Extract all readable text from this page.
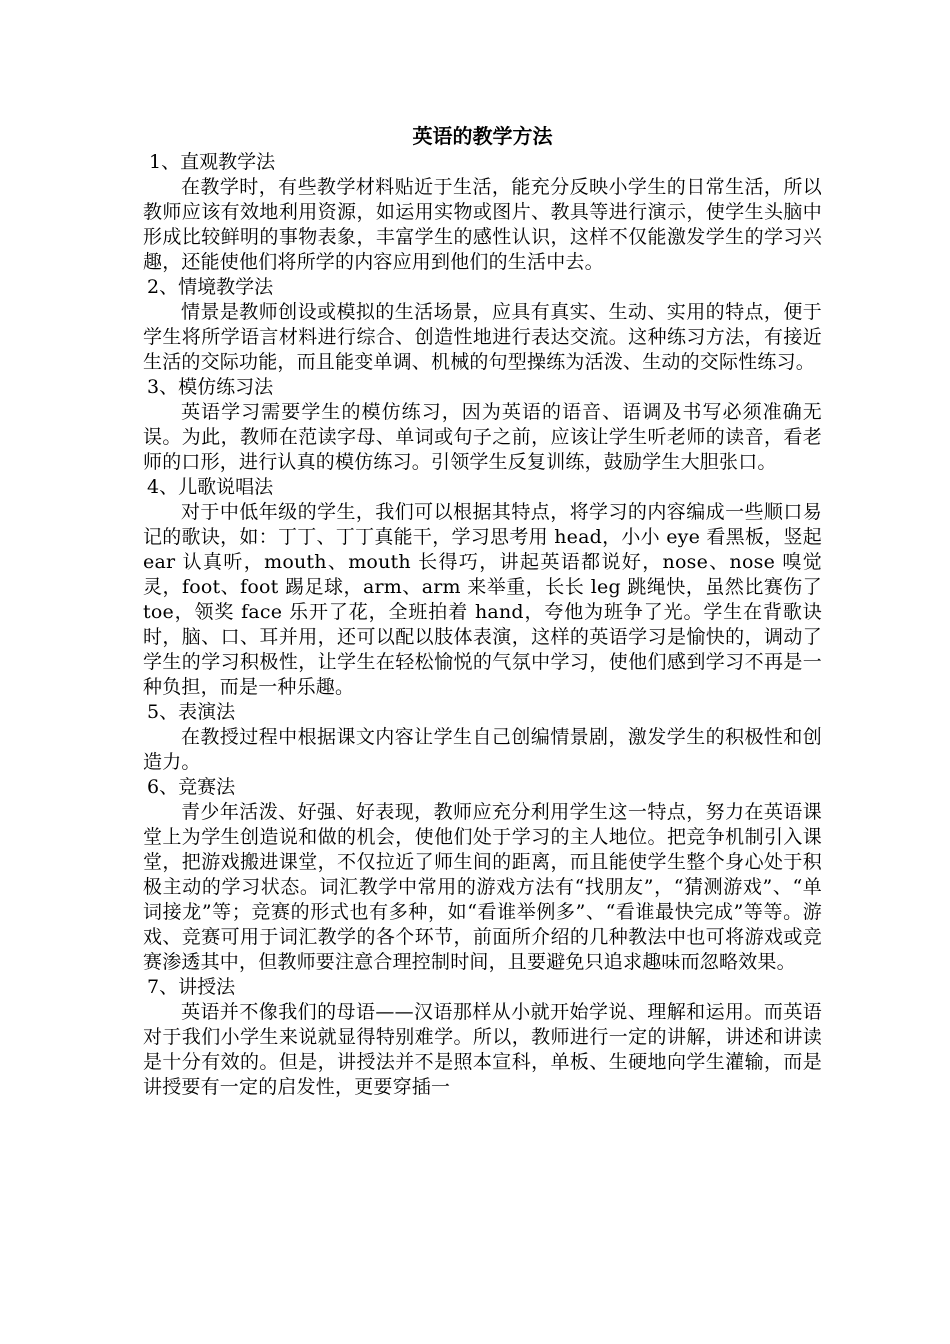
英语的教学方法

1、直观教学法

在教学时，有些教学材料贴近于生活，能充分反映小学生的日常生活，所以教师应该有效地利用资源，如运用实物或图片、教具等进行演示，使学生头脑中形成比较鲜明的事物表象，丰富学生的感性认识，这样不仅能激发学生的学习兴趣，还能使他们将所学的内容应用到他们的生活中去。

2、情境教学法

情景是教师创设或模拟的生活场景，应具有真实、生动、实用的特点，便于学生将所学语言材料进行综合、创造性地进行表达交流。这种练习方法，有接近生活的交际功能，而且能变单调、机械的句型操练为活泼、生动的交际性练习。

3、模仿练习法

英语学习需要学生的模仿练习，因为英语的语音、语调及书写必须准确无误。为此，教师在范读字母、单词或句子之前，应该让学生听老师的读音，看老师的口形，进行认真的模仿练习。引领学生反复训练，鼓励学生大胆张口。

4、儿歌说唱法

对于中低年级的学生，我们可以根据其特点，将学习的内容编成一些顺口易记的歌诀，如：丁丁、丁丁真能干，学习思考用 head，小小 eye 看黑板，竖起 ear 认真听，mouth、mouth 长得巧，讲起英语都说好，nose、nose 嗅觉灵，foot、foot 踢足球，arm、arm 来举重，长长 leg 跳绳快，虽然比赛伤了 toe，领奖 face 乐开了花，全班拍着 hand，夸他为班争了光。学生在背歌诀时，脑、口、耳并用，还可以配以肢体表演，这样的英语学习是愉快的，调动了学生的学习积极性，让学生在轻松愉悦的气氛中学习，使他们感到学习不再是一种负担，而是一种乐趣。

5、表演法

在教授过程中根据课文内容让学生自己创编情景剧，激发学生的积极性和创造力。

6、竞赛法

青少年活泼、好强、好表现，教师应充分利用学生这一特点，努力在英语课堂上为学生创造说和做的机会，使他们处于学习的主人地位。把竞争机制引入课堂，把游戏搬进课堂，不仅拉近了师生间的距离，而且能使学生整个身心处于积极主动的学习状态。词汇教学中常用的游戏方法有“找朋友”，“猜测游戏”、“单词接龙”等；竞赛的形式也有多种，如“看谁举例多”、“看谁最快完成”等等。游戏、竞赛可用于词汇教学的各个环节，前面所介绍的几种教法中也可将游戏或竞赛渗透其中，但教师要注意合理控制时间，且要避免只追求趣味而忽略效果。

7、讲授法

英语并不像我们的母语——汉语那样从小就开始学说、理解和运用。而英语对于我们小学生来说就显得特别难学。所以，教师进行一定的讲解，讲述和讲读是十分有效的。但是，讲授法并不是照本宣科，单板、生硬地向学生灌输，而是讲授要有一定的启发性，更要穿插一
